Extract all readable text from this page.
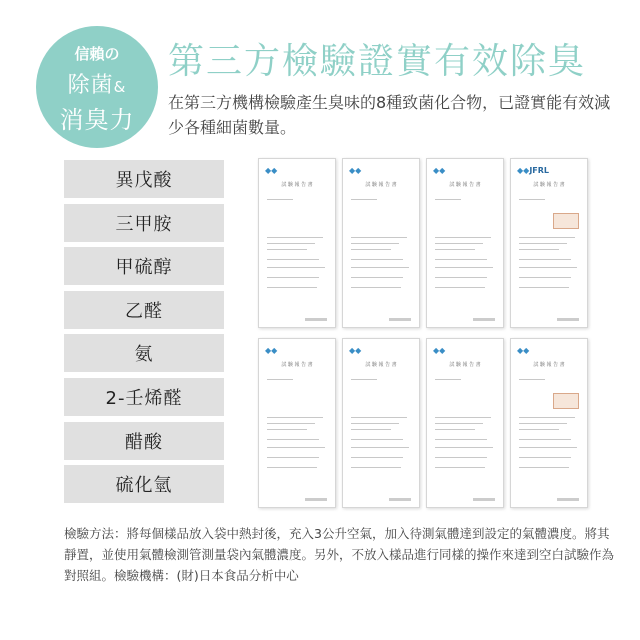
信賴の
除菌&
消臭力
第三方檢驗證實有效除臭
在第三方機構檢驗產生臭味的8種致菌化合物，已證實能有效減少各種細菌數量。
異戊酸
三甲胺
甲硫醇
乙醛
氨
2-壬烯醛
醋酸
硫化氫
◆◆
試 験 報 告 書
◆◆
試 験 報 告 書
◆◆
試 験 報 告 書
◆◆JFRL
試 験 報 告 書
◆◆
試 験 報 告 書
◆◆
試 験 報 告 書
◆◆
試 験 報 告 書
◆◆
試 験 報 告 書
檢驗方法：將每個樣品放入袋中熱封後，充入3公升空氣，加入待測氣體達到設定的氣體濃度。將其靜置，並使用氣體檢測管測量袋內氣體濃度。另外，不放入樣品進行同樣的操作來達到空白試驗作為對照組。檢驗機構：(財)日本食品分析中心
